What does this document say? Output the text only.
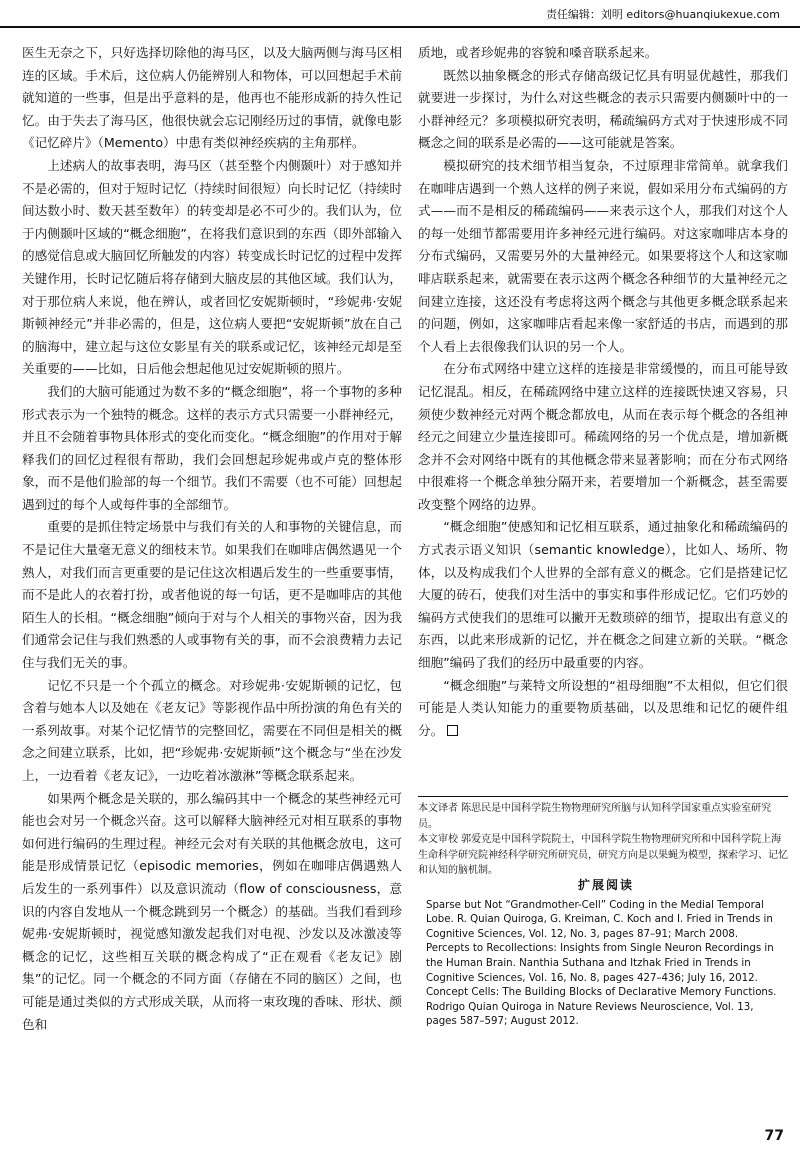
责任编辑：刘明 editors@huanqiukexue.com

医生无奈之下，只好选择切除他的海马区，以及大脑两侧与海马区相连的区域。手术后，这位病人仍能辨别人和物体，可以回想起手术前就知道的一些事，但是出乎意料的是，他再也不能形成新的持久性记忆。由于失去了海马区，他很快就会忘记刚经历过的事情，就像电影《记忆碎片》（Memento）中患有类似神经疾病的主角那样。

上述病人的故事表明，海马区（甚至整个内侧颞叶）对于感知并不是必需的，但对于短时记忆（持续时间很短）向长时记忆（持续时间达数小时、数天甚至数年）的转变却是必不可少的。我们认为，位于内侧颞叶区域的“概念细胞”，在将我们意识到的东西（即外部输入的感觉信息或大脑回忆所触发的内容）转变成长时记忆的过程中发挥关键作用，长时记忆随后将存储到大脑皮层的其他区域。我们认为，对于那位病人来说，他在辨认，或者回忆安妮斯顿时，“珍妮弗·安妮斯顿神经元”并非必需的，但是，这位病人要把“安妮斯顿”放在自己的脑海中，建立起与这位女影星有关的联系或记忆，该神经元却是至关重要的——比如，日后他会想起他见过安妮斯顿的照片。

我们的大脑可能通过为数不多的“概念细胞”，将一个事物的多种形式表示为一个独特的概念。这样的表示方式只需要一小群神经元，并且不会随着事物具体形式的变化而变化。“概念细胞”的作用对于解释我们的回忆过程很有帮助，我们会回想起珍妮弗或卢克的整体形象，而不是他们脸部的每一个细节。我们不需要（也不可能）回想起遇到过的每个人或每件事的全部细节。

重要的是抓住特定场景中与我们有关的人和事物的关键信息，而不是记住大量毫无意义的细枝末节。如果我们在咖啡店偶然遇见一个熟人，对我们而言更重要的是记住这次相遇后发生的一些重要事情，而不是此人的衣着打扮，或者他说的每一句话，更不是咖啡店的其他陌生人的长相。“概念细胞”倾向于对与个人相关的事物兴奋，因为我们通常会记住与我们熟悉的人或事物有关的事，而不会浪费精力去记住与我们无关的事。

记忆不只是一个个孤立的概念。对珍妮弗·安妮斯顿的记忆，包含着与她本人以及她在《老友记》等影视作品中所扮演的角色有关的一系列故事。对某个记忆情节的完整回忆，需要在不同但是相关的概念之间建立联系，比如，把“珍妮弗·安妮斯顿”这个概念与“坐在沙发上，一边看着《老友记》，一边吃着冰激淋”等概念联系起来。

如果两个概念是关联的，那么编码其中一个概念的某些神经元可能也会对另一个概念兴奋。这可以解释大脑神经元对相互联系的事物如何进行编码的生理过程。神经元会对有关联的其他概念放电，这可能是形成情景记忆（episodic memories，例如在咖啡店偶遇熟人后发生的一系列事件）以及意识流动（flow of consciousness，意识的内容自发地从一个概念跳到另一个概念）的基础。当我们看到珍妮弗·安妮斯顿时，视觉感知激发起我们对电视、沙发以及冰激凌等概念的记忆，这些相互关联的概念构成了“正在观看《老友记》剧集”的记忆。同一个概念的不同方面（存储在不同的脑区）之间，也可能是通过类似的方式形成关联，从而将一束玫瑰的香味、形状、颜色和

质地，或者珍妮弗的容貌和嗓音联系起来。

既然以抽象概念的形式存储高级记忆具有明显优越性，那我们就要进一步探讨，为什么对这些概念的表示只需要内侧颞叶中的一小群神经元？多项模拟研究表明，稀疏编码方式对于快速形成不同概念之间的联系是必需的——这可能就是答案。

模拟研究的技术细节相当复杂，不过原理非常简单。就拿我们在咖啡店遇到一个熟人这样的例子来说，假如采用分布式编码的方式——而不是相反的稀疏编码——来表示这个人，那我们对这个人的每一处细节都需要用许多神经元进行编码。对这家咖啡店本身的分布式编码，又需要另外的大量神经元。如果要将这个人和这家咖啡店联系起来，就需要在表示这两个概念各种细节的大量神经元之间建立连接，这还没有考虑将这两个概念与其他更多概念联系起来的问题，例如，这家咖啡店看起来像一家舒适的书店，而遇到的那个人看上去很像我们认识的另一个人。

在分布式网络中建立这样的连接是非常缓慢的，而且可能导致记忆混乱。相反，在稀疏网络中建立这样的连接既快速又容易，只须使少数神经元对两个概念都放电，从而在表示每个概念的各组神经元之间建立少量连接即可。稀疏网络的另一个优点是，增加新概念并不会对网络中既有的其他概念带来显著影响；而在分布式网络中很难将一个概念单独分隔开来，若要增加一个新概念，甚至需要改变整个网络的边界。

“概念细胞”使感知和记忆相互联系，通过抽象化和稀疏编码的方式表示语义知识（semantic knowledge），比如人、场所、物体，以及构成我们个人世界的全部有意义的概念。它们是搭建记忆大厦的砖石，使我们对生活中的事实和事件形成记忆。它们巧妙的编码方式使我们的思维可以撇开无数琐碎的细节，提取出有意义的东西，以此来形成新的记忆，并在概念之间建立新的关联。“概念细胞”编码了我们的经历中最重要的内容。

“概念细胞”与莱特文所设想的“祖母细胞”不太相似，但它们很可能是人类认知能力的重要物质基础，以及思维和记忆的硬件组分。

本文译者 陈思民是中国科学院生物物理研究所脑与认知科学国家重点实验室研究员。

本文审校 郭爱克是中国科学院院士，中国科学院生物物理研究所和中国科学院上海生命科学研究院神经科学研究所研究员，研究方向是以果蝇为模型，探索学习、记忆和认知的脑机制。

扩展阅读
Sparse but Not “Grandmother-Cell” Coding in the Medial Temporal Lobe. R. Quian Quiroga, G. Kreiman, C. Koch and I. Fried in Trends in Cognitive Sciences, Vol. 12, No. 3, pages 87–91; March 2008.
Percepts to Recollections: Insights from Single Neuron Recordings in the Human Brain. Nanthia Suthana and Itzhak Fried in Trends in Cognitive Sciences, Vol. 16, No. 8, pages 427–436; July 16, 2012.
Concept Cells: The Building Blocks of Declarative Memory Functions. Rodrigo Quian Quiroga in Nature Reviews Neuroscience, Vol. 13, pages 587–597; August 2012.
77
